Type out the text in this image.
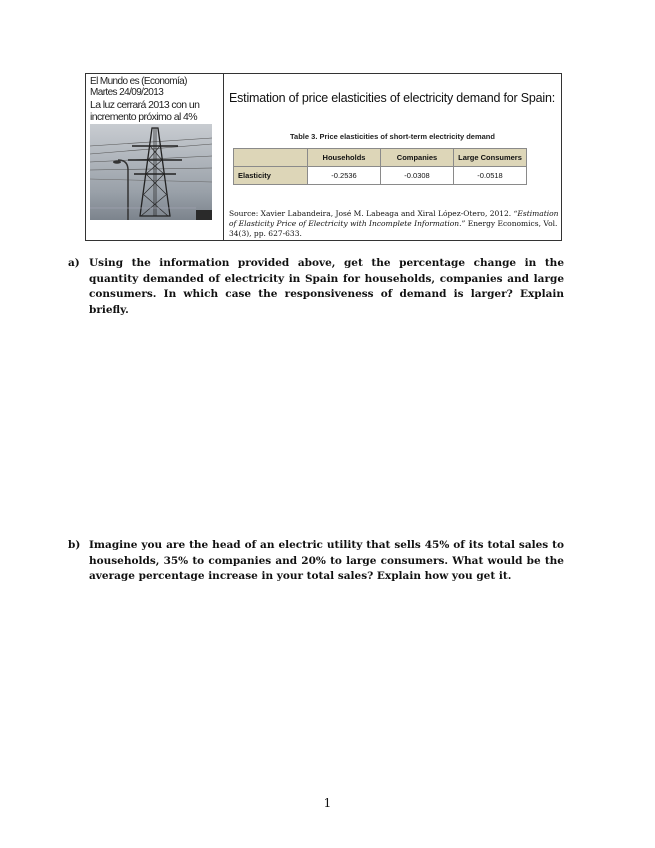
El Mundo es (Economía)
Martes 24/09/2013
La luz cerrará 2013 con un incremento próximo al 4%
Estimation of price elasticities of electricity demand for Spain:
Table 3. Price elasticities of short-term electricity demand
	Households	Companies	Large Consumers
Elasticity	-0.2536	-0.0308	-0.0518
Source: Xavier Labandeira, José M. Labeaga and Xiral López-Otero, 2012. “Estimation of Elasticity Price of Electricity with Incomplete Information.” Energy Economics, Vol. 34(3), pp. 627-633.
a) Using the information provided above, get the percentage change in the quantity demanded of electricity in Spain for households, companies and large consumers. In which case the responsiveness of demand is larger? Explain briefly.
b) Imagine you are the head of an electric utility that sells 45% of its total sales to households, 35% to companies and 20% to large consumers. What would be the average percentage increase in your total sales? Explain how you get it.
1
